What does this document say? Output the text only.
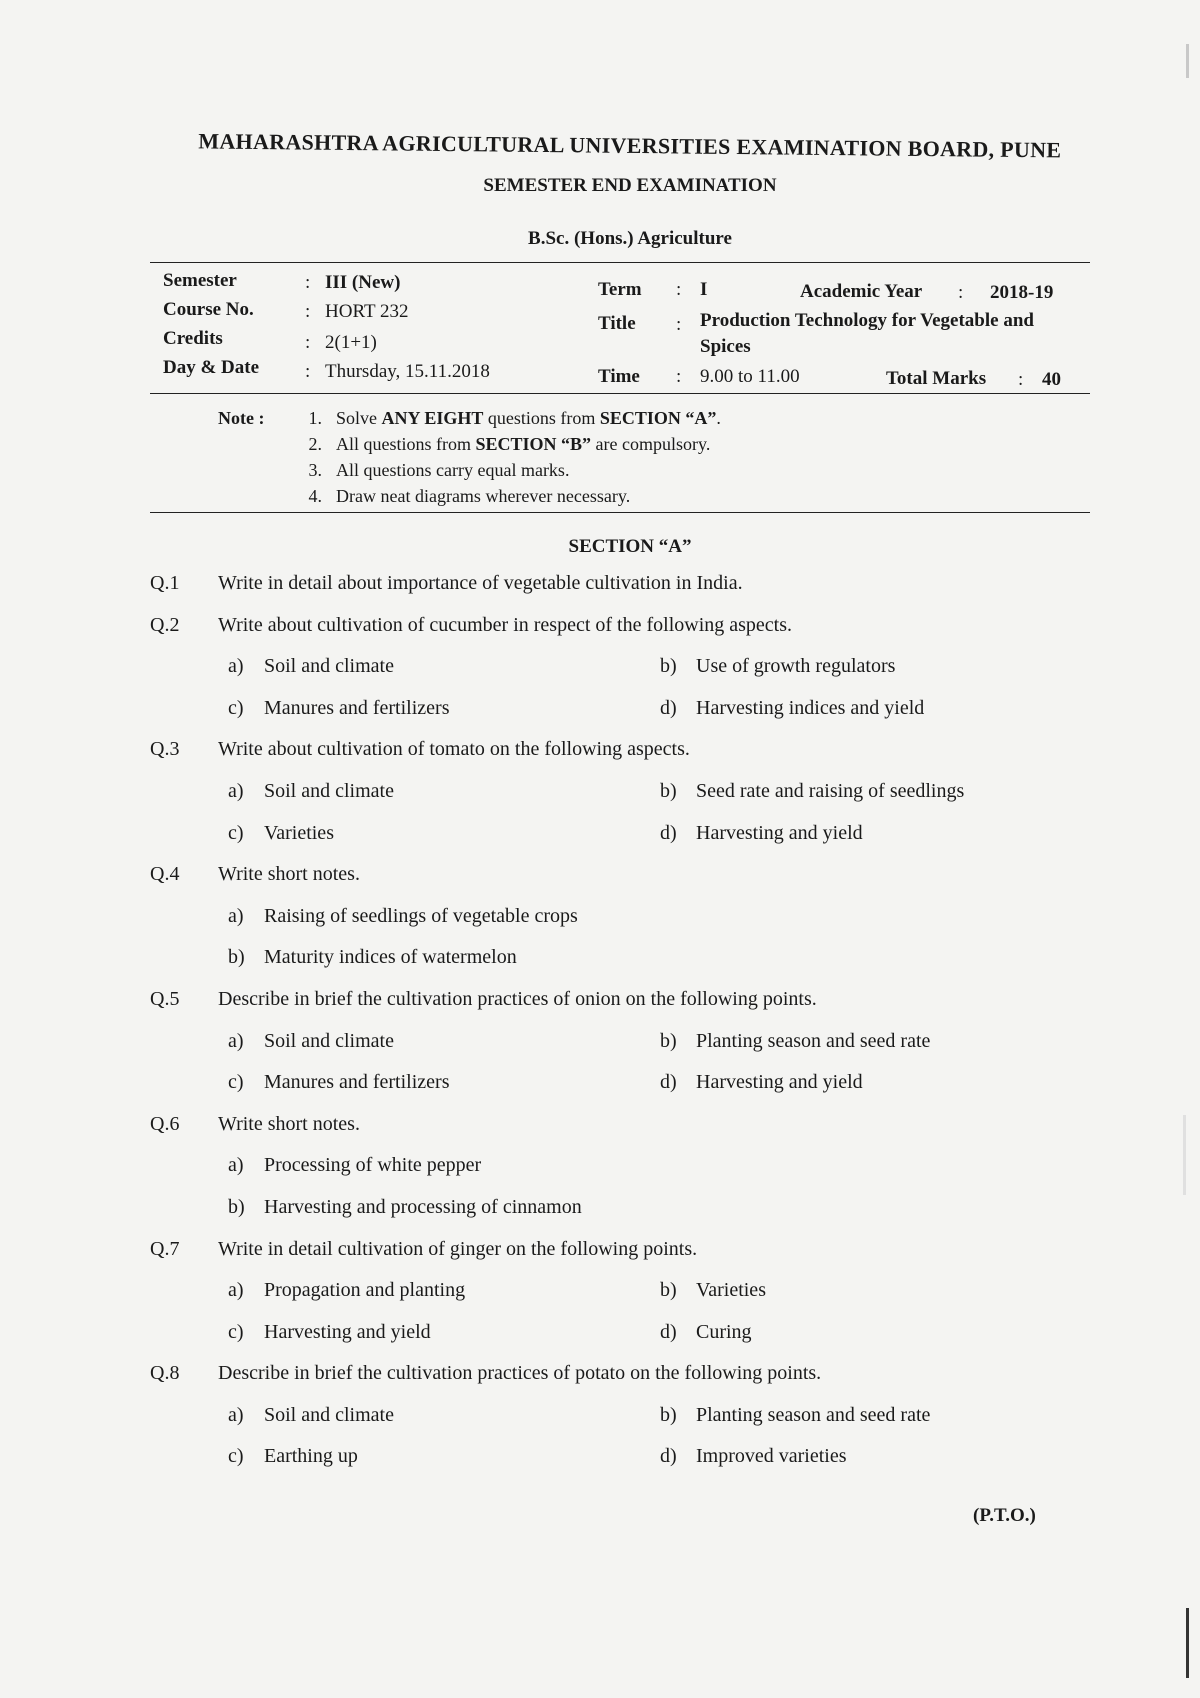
MAHARASHTRA AGRICULTURAL UNIVERSITIES EXAMINATION BOARD, PUNE
SEMESTER END EXAMINATION
B.Sc. (Hons.) Agriculture
Semester	: III (New)
Course No.	: HORT 232
Credits	: 2(1+1)
Day & Date : Thursday, 15.11.2018
Term : I	Academic Year : 2018-19
Title : Production Technology for Vegetable and
Spices
Time : 9.00 to 11.00	Total Marks : 40
Note :	1. Solve ANY EIGHT questions from SECTION “A”.
2. All questions from SECTION “B” are compulsory.
3. All questions carry equal marks.
4. Draw neat diagrams wherever necessary.
SECTION “A”
Q.1 Write in detail about importance of vegetable cultivation in India.
Q.2 Write about cultivation of cucumber in respect of the following aspects.
a) Soil and climate	b) Use of growth regulators
c) Manures and fertilizers	d) Harvesting indices and yield
Q.3 Write about cultivation of tomato on the following aspects.
a) Soil and climate	b) Seed rate and raising of seedlings
c) Varieties	d) Harvesting and yield
Q.4 Write short notes.
a) Raising of seedlings of vegetable crops
b) Maturity indices of watermelon
Q.5 Describe in brief the cultivation practices of onion on the following points.
a) Soil and climate	b) Planting season and seed rate
c) Manures and fertilizers	d) Harvesting and yield
Q.6 Write short notes.
a) Processing of white pepper
b) Harvesting and processing of cinnamon
Q.7 Write in detail cultivation of ginger on the following points.
a) Propagation and planting	b) Varieties
c) Harvesting and yield	d) Curing
Q.8 Describe in brief the cultivation practices of potato on the following points.
a) Soil and climate	b) Planting season and seed rate
c) Earthing up	d) Improved varieties
(P.T.O.)
